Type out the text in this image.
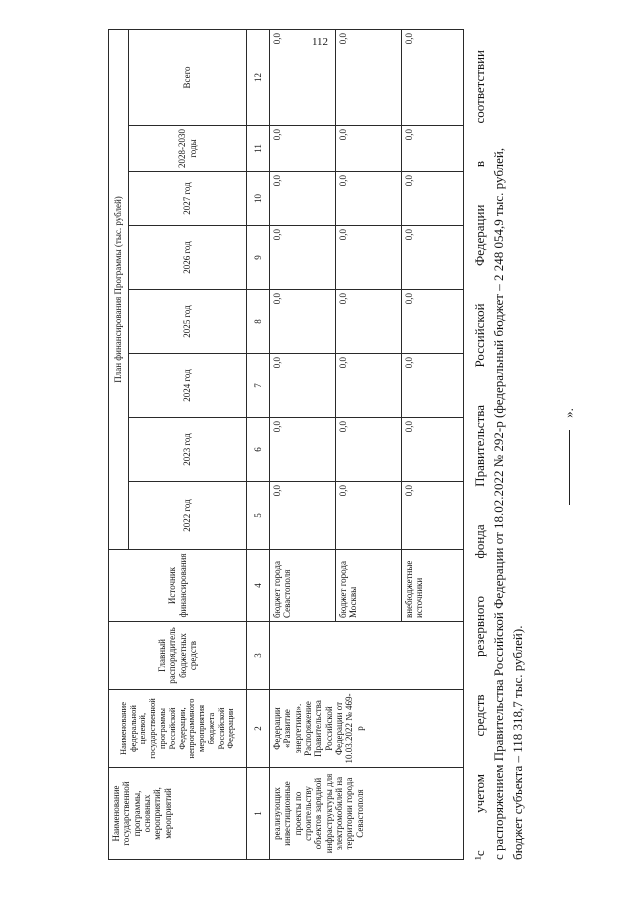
112
Наименование государственной программы, основных мероприятий, мероприятий	Наименование федеральной целевой, государственной программы Российской Федерации, непрограммного мероприятия бюджета Российской Федерации	Главный распорядитель бюджетных средств	Источник финансирования	План финансирования Программы (тыс. рублей)							
				2022 год	2023 год	2024 год	2025 год	2026 год	2027 год	2028-2030 годы	Всего
1	2	3	4	5	6	7	8	9	10	11	12
реализующих инвестиционные проекты по строительству объектов зарядной инфраструктуры для электромобилей на территории города Севастополя	Федерации «Развитие энергетики». Распоряжение Правительства Российской Федерации от 10.03.2022 № 469-р		бюджет города Севастополя	0,0	0,0	0,0	0,0	0,0	0,0	0,0	0,0
			бюджет города Москвы	0,0	0,0	0,0	0,0	0,0	0,0	0,0	0,0
			внебюджетные источники	0,0	0,0	0,0	0,0	0,0	0,0	0,0	0,0
».

¹с учетом средств резервного фонда Правительства Российской Федерации в соответствии с распоряжением Правительства Российской Федерации от 18.02.2022 № 292-р (федеральный бюджет – 2 248 054,9 тыс. рублей, бюджет субъекта – 118 318,7 тыс. рублей).
